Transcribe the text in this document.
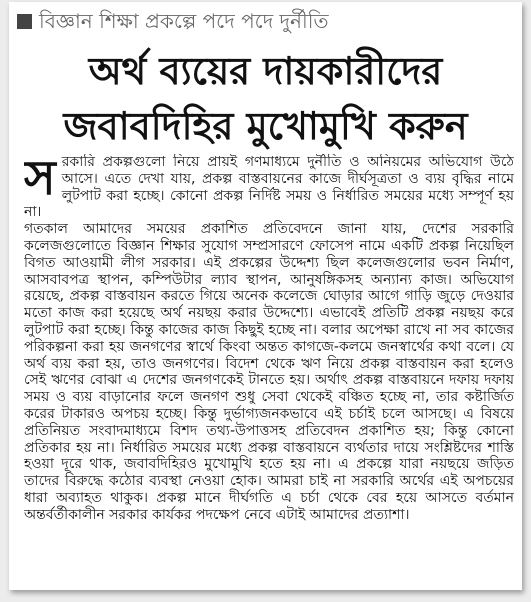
বিজ্ঞান শিক্ষা প্রকল্পে পদে পদে দুর্নীতি
অর্থ ব্যয়ের দায়কারীদের
জবাবদিহির মুখোমুখি করুন
স রকারি প্রকল্পগুলো নিয়ে প্রায়ই গণমাধ্যমে দুর্নীতি ও অনিয়মের অভিযোগ উঠে আসে। এতে দেখা যায়, প্রকল্প বাস্তবায়নের কাজে দীর্ঘসূত্রতা ও ব্যয় বৃদ্ধির নামে লুটপাট করা হচ্ছে। কোনো প্রকল্প নির্দিষ্ট সময় ও নির্ধারিত সময়ের মধ্যে সম্পূর্ণ হয় না।

গতকাল আমাদের সময়ের প্রকাশিত প্রতিবেদনে জানা যায়, দেশের সরকারি কলেজগুলোতে বিজ্ঞান শিক্ষার সুযোগ সম্প্রসারণে ফোসেপ নামে একটি প্রকল্প নিয়েছিল বিগত আওয়ামী লীগ সরকার। এই প্রকল্পের উদ্দেশ্য ছিল কলেজগুলোর ভবন নির্মাণ, আসবাবপত্র স্থাপন, কম্পিউটার ল্যাব স্থাপন, আনুষঙ্গিকসহ অন্যান্য কাজ। অভিযোগ রয়েছে, প্রকল্প বাস্তবায়ন করতে গিয়ে অনেক কলেজে ঘোড়ার আগে গাড়ি জুড়ে দেওয়ার মতো কাজ করা হয়েছে অর্থ নয়ছয় করার উদ্দেশ্যে। এভাবেই প্রতিটি প্রকল্প নয়ছয় করে লুটপাট করা হচ্ছে। কিন্তু কাজের কাজ কিছুই হচ্ছে না। বলার অপেক্ষা রাখে না সব কাজের পরিকল্পনা করা হয় জনগণের স্বার্থে কিংবা অন্তত কাগজে-কলমে জনস্বার্থের কথা বলে। যে অর্থ ব্যয় করা হয়, তাও জনগণের। বিদেশ থেকে ঋণ নিয়ে প্রকল্প বাস্তবায়ন করা হলেও সেই ঋণের বোঝা এ দেশের জনগণকেই টানতে হয়। অর্থাৎ প্রকল্প বাস্তবায়নে দফায় দফায় সময় ও ব্যয় বাড়ানোর ফলে জনগণ শুধু সেবা থেকেই বঞ্চিত হচ্ছে না, তার কষ্টার্জিত করের টাকারও অপচয় হচ্ছে। কিন্তু দুর্ভাগ্যজনকভাবে এই চর্চাই চলে আসছে। এ বিষয়ে প্রতিনিয়ত সংবাদমাধ্যমে বিশদ তথ্য-উপাত্তসহ প্রতিবেদন প্রকাশিত হয়; কিন্তু কোনো প্রতিকার হয় না। নির্ধারিত সময়ের মধ্যে প্রকল্প বাস্তবায়নে ব্যর্থতার দায়ে সংশ্লিষ্টদের শাস্তি হওয়া দূরে থাক, জবাবদিহিরও মুখোমুখি হতে হয় না। এ প্রকল্পে যারা নয়ছয়ে জড়িত তাদের বিরুদ্ধে কঠোর ব্যবস্থা নেওয়া হোক। আমরা চাই না সরকারি অর্থের এই অপচয়ের ধারা অব্যাহত থাকুক। প্রকল্প মানে দীর্ঘগতি এ চর্চা থেকে বের হয়ে আসতে বর্তমান অন্তর্বর্তীকালীন সরকার কার্যকর পদক্ষেপ নেবে এটাই আমাদের প্রত্যাশা।
